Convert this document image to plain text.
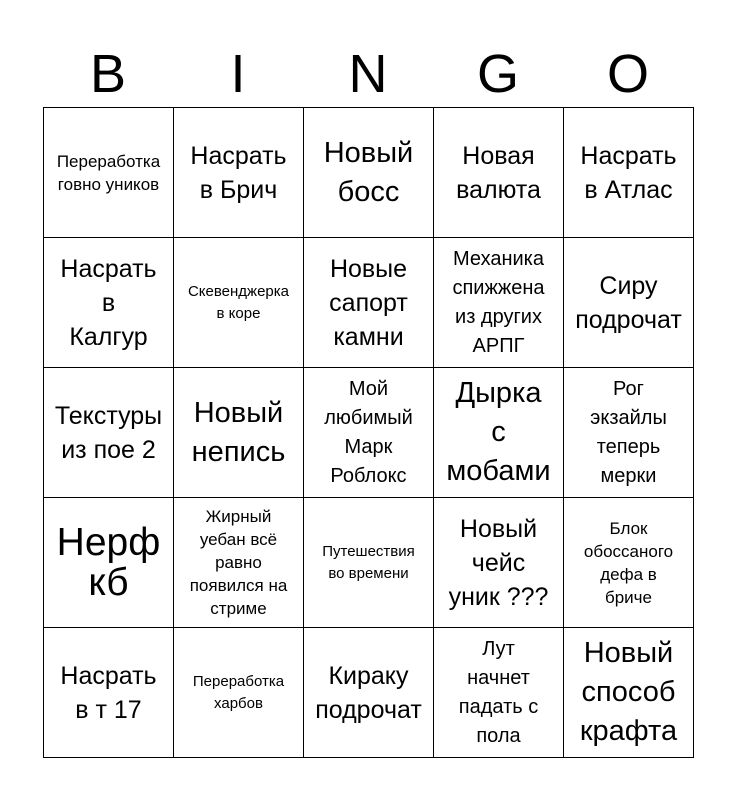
B	I	N	G	O
Переработка
говно уников
Насрать
в Брич
Новый
босс
Новая
валюта
Насрать
в Атлас
Насрать
в
Калгур
Скевенджерка
в коре
Новые
сапорт
камни
Механика
спижжена
из других
АРПГ
Сиру
подрочат
Текстуры
из пое 2
Новый
непись
Мой
любимый
Марк
Роблокс
Дырка
с
мобами
Рог
экзайлы
теперь
мерки
Нерф
кб
Жирный
уебан всё
равно
появился на
стриме
Путешествия
во времени
Новый
чейс
уник ???
Блок
обоссаного
дефа в
бриче
Насрать
в т 17
Переработка
харбов
Кираку
подрочат
Лут
начнет
падать с
пола
Новый
способ
крафта
